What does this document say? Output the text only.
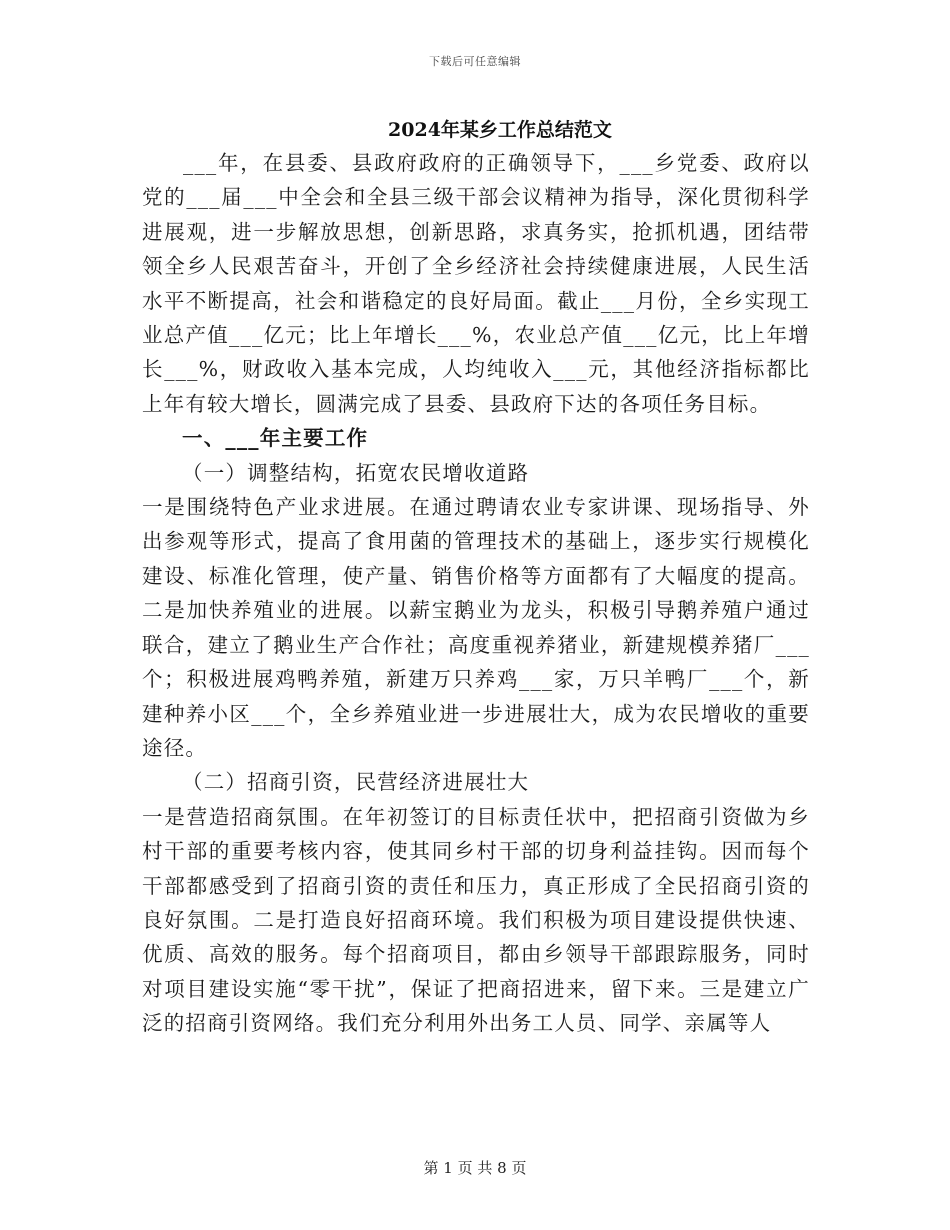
下载后可任意编辑
2024年某乡工作总结范文

___年，在县委、县政府政府的正确领导下，___乡党委、政府以党的___届___中全会和全县三级干部会议精神为指导，深化贯彻科学进展观，进一步解放思想，创新思路，求真务实，抢抓机遇，团结带领全乡人民艰苦奋斗，开创了全乡经济社会持续健康进展，人民生活水平不断提高，社会和谐稳定的良好局面。截止___月份，全乡实现工业总产值___亿元；比上年增长___%，农业总产值___亿元，比上年增长___%，财政收入基本完成，人均纯收入___元，其他经济指标都比上年有较大增长，圆满完成了县委、县政府下达的各项任务目标。

一、___年主要工作

（一）调整结构，拓宽农民增收道路

一是围绕特色产业求进展。在通过聘请农业专家讲课、现场指导、外出参观等形式，提高了食用菌的管理技术的基础上，逐步实行规模化建设、标准化管理，使产量、销售价格等方面都有了大幅度的提高。二是加快养殖业的进展。以薪宝鹅业为龙头，积极引导鹅养殖户通过联合，建立了鹅业生产合作社；高度重视养猪业，新建规模养猪厂___个；积极进展鸡鸭养殖，新建万只养鸡___家，万只羊鸭厂___个，新建种养小区___个，全乡养殖业进一步进展壮大，成为农民增收的重要途径。

（二）招商引资，民营经济进展壮大

一是营造招商氛围。在年初签订的目标责任状中，把招商引资做为乡村干部的重要考核内容，使其同乡村干部的切身利益挂钩。因而每个干部都感受到了招商引资的责任和压力，真正形成了全民招商引资的良好氛围。二是打造良好招商环境。我们积极为项目建设提供快速、优质、高效的服务。每个招商项目，都由乡领导干部跟踪服务，同时对项目建设实施“零干扰”，保证了把商招进来，留下来。三是建立广泛的招商引资网络。我们充分利用外出务工人员、同学、亲属等人

第 1 页 共 8 页
